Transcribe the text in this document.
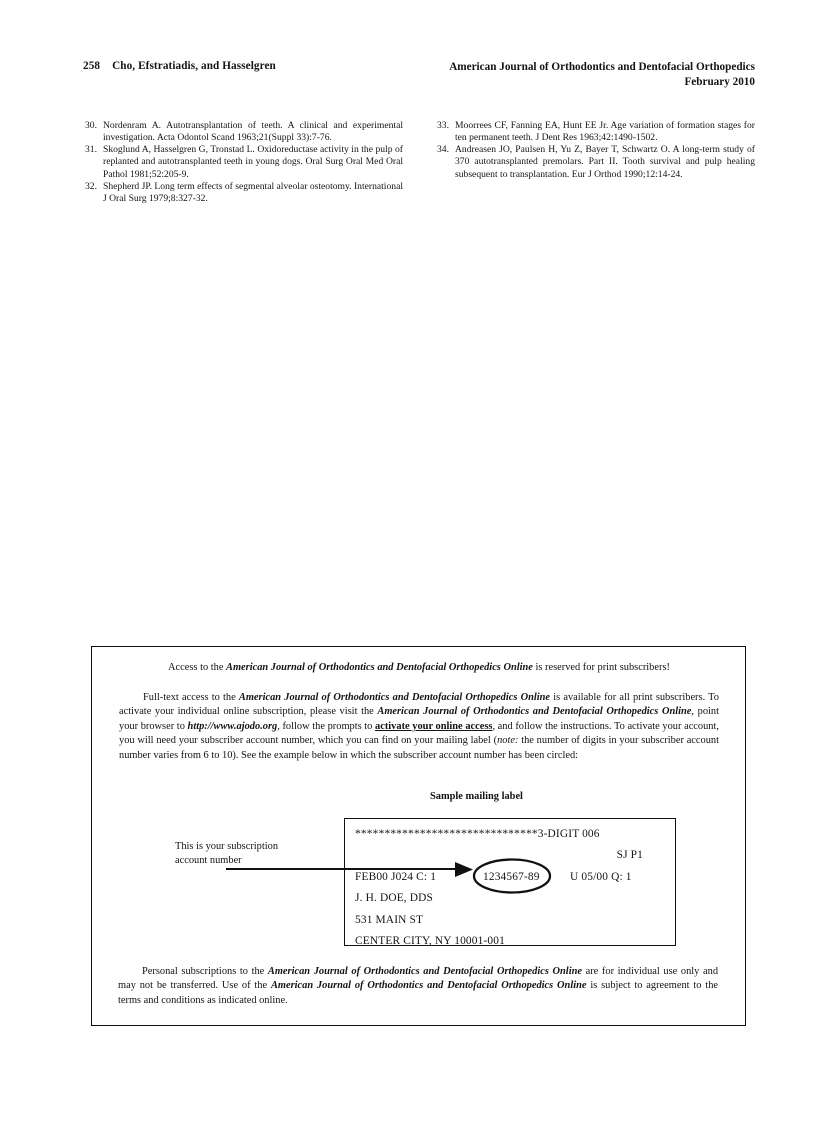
258 Cho, Efstratiadis, and Hasselgren	American Journal of Orthodontics and Dentofacial Orthopedics
February 2010
30. Nordenram A. Autotransplantation of teeth. A clinical and experimental investigation. Acta Odontol Scand 1963;21(Suppl 33):7-76.
31. Skoglund A, Hasselgren G, Tronstad L. Oxidoreductase activity in the pulp of replanted and autotransplanted teeth in young dogs. Oral Surg Oral Med Oral Pathol 1981;52:205-9.
32. Shepherd JP. Long term effects of segmental alveolar osteotomy. International J Oral Surg 1979;8:327-32.
33. Moorrees CF, Fanning EA, Hunt EE Jr. Age variation of formation stages for ten permanent teeth. J Dent Res 1963;42:1490-1502.
34. Andreasen JO, Paulsen H, Yu Z, Bayer T, Schwartz O. A long-term study of 370 autotransplanted premolars. Part II. Tooth survival and pulp healing subsequent to transplantation. Eur J Orthod 1990;12:14-24.
Access to the American Journal of Orthodontics and Dentofacial Orthopedics Online is reserved for print subscribers!
Full-text access to the American Journal of Orthodontics and Dentofacial Orthopedics Online is available for all print subscribers. To activate your individual online subscription, please visit the American Journal of Orthodontics and Dentofacial Orthopedics Online, point your browser to http://www.ajodo.org, follow the prompts to activate your online access, and follow the instructions. To activate your account, you will need your subscriber account number, which you can find on your mailing label (note: the number of digits in your subscriber account number varies from 6 to 10). See the example below in which the subscriber account number has been circled:
Sample mailing label
This is your subscription
account number
*******************************3-DIGIT 006
SJ P1
FEB00 J024 C: 1	1234567-89	U 05/00 Q: 1
J. H. DOE, DDS
531 MAIN ST
CENTER CITY, NY 10001-001
Personal subscriptions to the American Journal of Orthodontics and Dentofacial Orthopedics Online are for individual use only and may not be transferred. Use of the American Journal of Orthodontics and Dentofacial Orthopedics Online is subject to agreement to the terms and conditions as indicated online.
